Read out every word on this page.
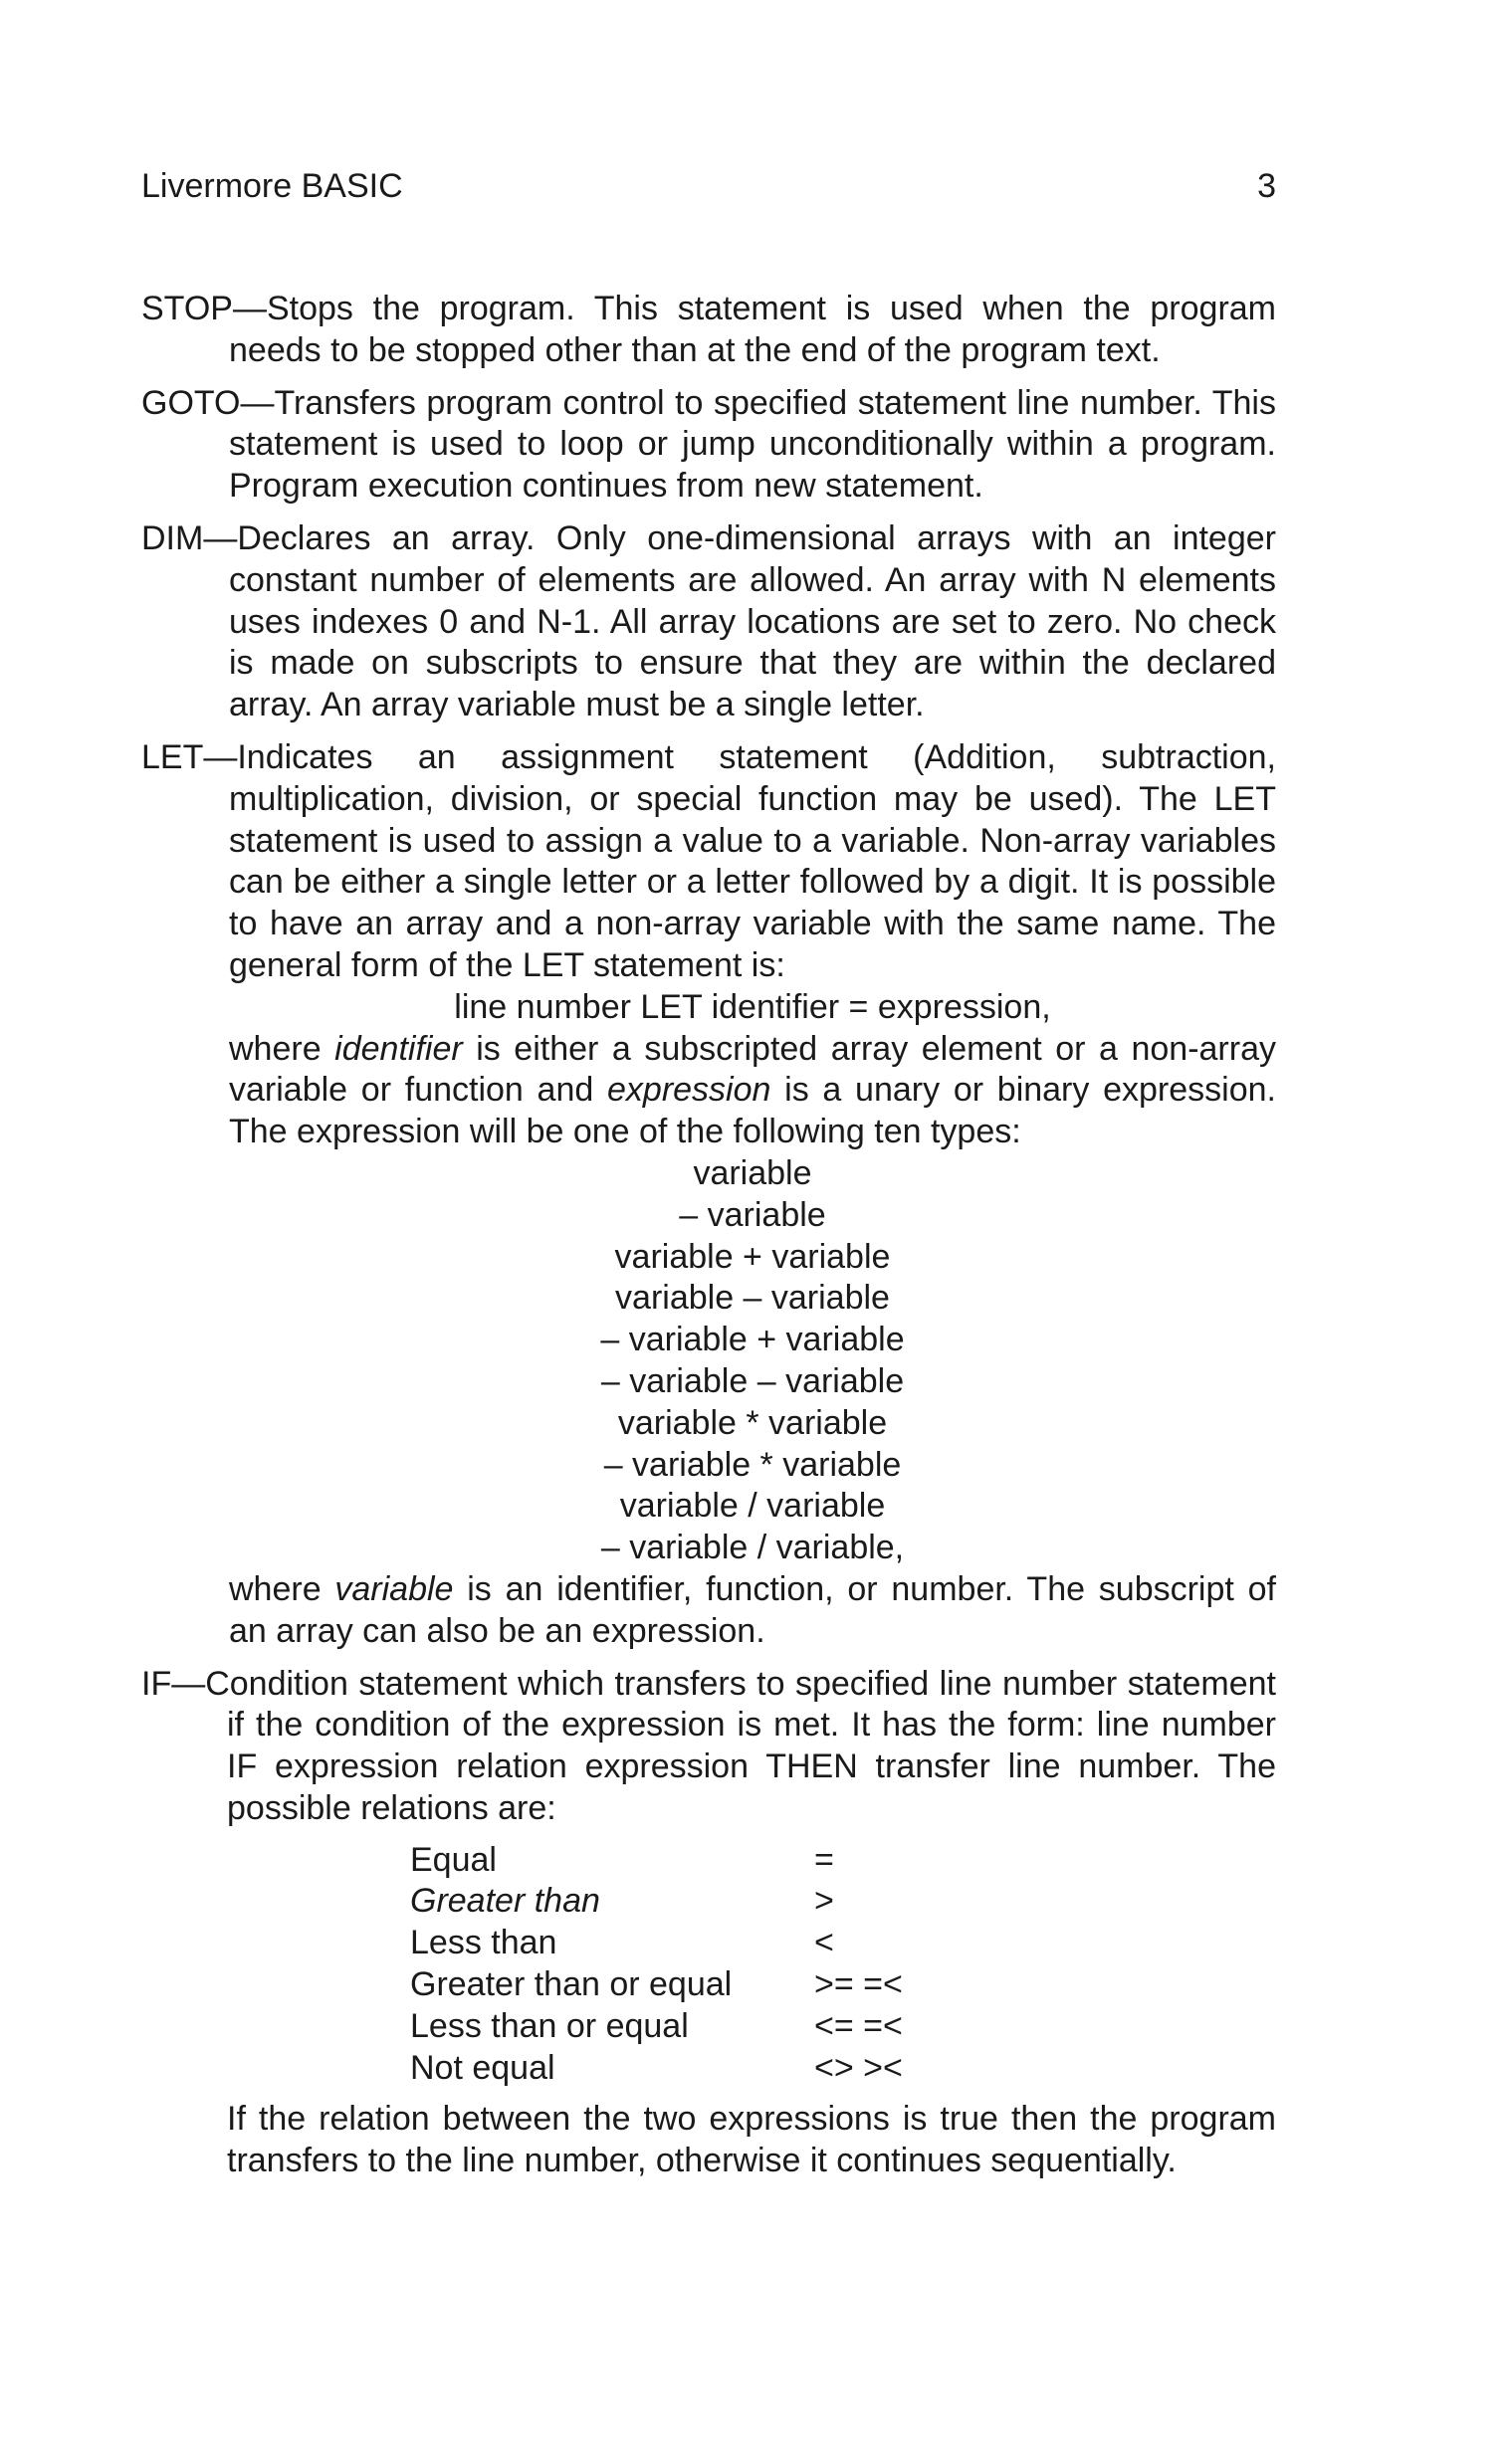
Livermore BASIC	3

STOP—Stops the program. This statement is used when the program needs to be stopped other than at the end of the program text.

GOTO—Transfers program control to specified statement line number. This statement is used to loop or jump unconditionally within a program. Program execution continues from new statement.

DIM—Declares an array. Only one-dimensional arrays with an integer constant number of elements are allowed. An array with N elements uses indexes 0 and N-1. All array locations are set to zero. No check is made on subscripts to ensure that they are within the declared array. An array variable must be a single letter.

LET—Indicates an assignment statement (Addition, subtraction, multiplication, division, or special function may be used). The LET statement is used to assign a value to a variable. Non-array variables can be either a single letter or a letter followed by a digit. It is possible to have an array and a non-array variable with the same name. The general form of the LET statement is:

line number LET identifier = expression,

where identifier is either a subscripted array element or a non-array variable or function and expression is a unary or binary expression. The expression will be one of the following ten types:

variable
– variable
variable + variable
variable – variable
– variable + variable
– variable – variable
variable * variable
– variable * variable
variable / variable
– variable / variable,

where variable is an identifier, function, or number. The subscript of an array can also be an expression.

IF—Condition statement which transfers to specified line number statement if the condition of the expression is met. It has the form: line number IF expression relation expression THEN transfer line number. The possible relations are:

Equal	=
Greater than	>
Less than	<
Greater than or equal	>= =<
Less than or equal	<= =<
Not equal	<> ><

If the relation between the two expressions is true then the program transfers to the line number, otherwise it continues sequentially.
